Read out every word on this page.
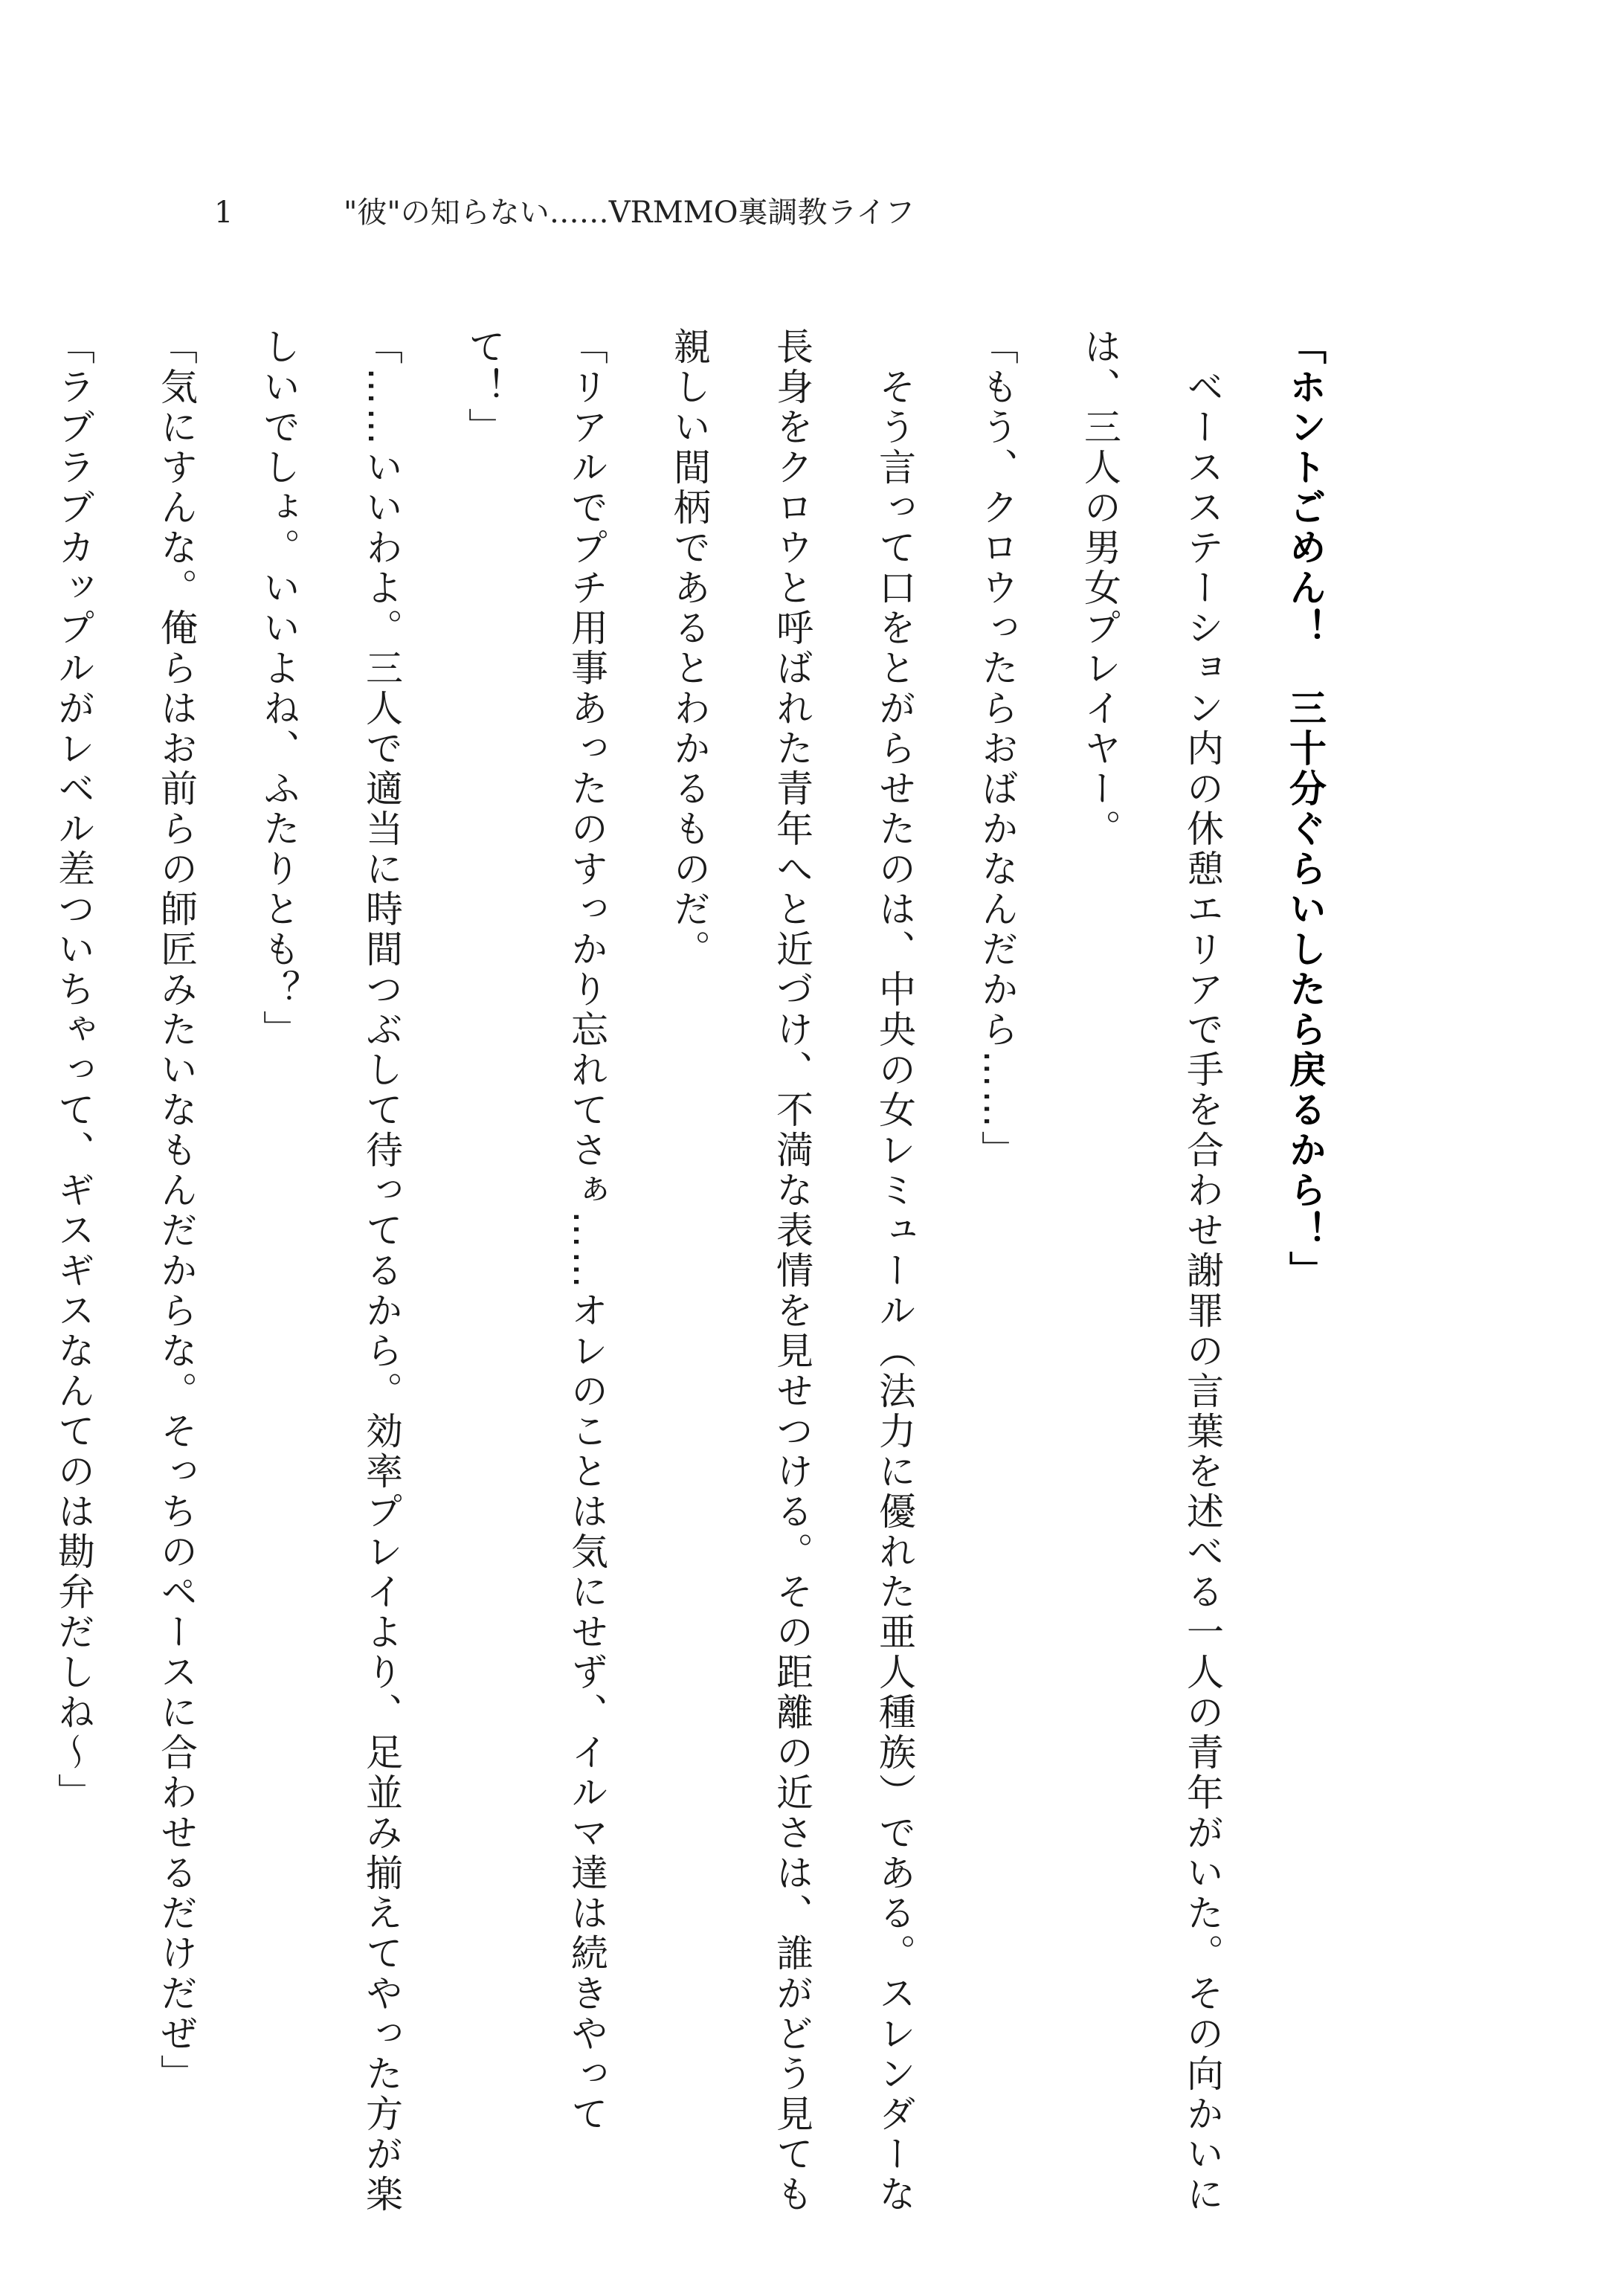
1	"彼"の知らない……VRMMO裏調教ライフ
「ホントごめん！　三十分ぐらいしたら戻るから！」
　ベースステーション内の休憩エリアで手を合わせ謝罪の言葉を述べる一人の青年がいた。その向かいに
は、三人の男女プレイヤー。
「もう、クロウったらおばかなんだから……」
　そう言って口をとがらせたのは、中央の女レミュール（法力に優れた亜人種族）である。スレンダーな
長身をクロウと呼ばれた青年へと近づけ、不満な表情を見せつける。その距離の近さは、誰がどう見ても
親しい間柄であるとわかるものだ。
「リアルでプチ用事あったのすっかり忘れてさぁ……オレのことは気にせず、イルマ達は続きやって
て！」
「……いいわよ。三人で適当に時間つぶして待ってるから。効率プレイより、足並み揃えてやった方が楽
しいでしょ。いいよね、ふたりとも？」
「気にすんな。俺らはお前らの師匠みたいなもんだからな。そっちのペースに合わせるだけだぜ」
「ラブラブカップルがレベル差ついちゃって、ギスギスなんてのは勘弁だしね～」
